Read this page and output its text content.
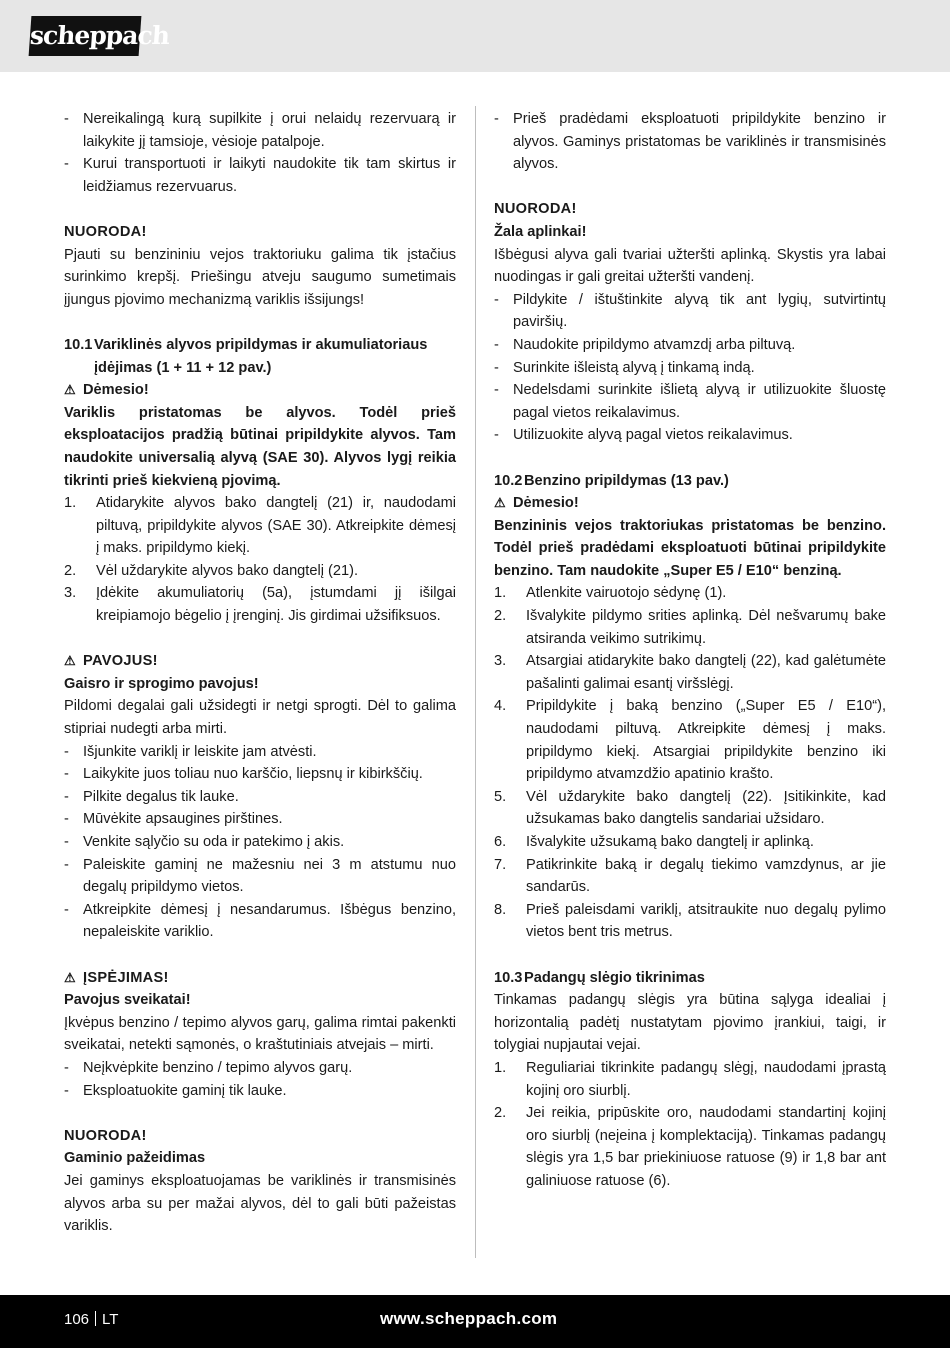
scheppach
- Nereikalingą kurą supilkite į orui nelaidų rezervuarą ir laikykite jį tamsioje, vėsioje patalpoje.
- Kurui transportuoti ir laikyti naudokite tik tam skirtus ir leidžiamus rezervuarus.
NUORODA!
Pjauti su benzininiu vejos traktoriuku galima tik įstačius surinkimo krepšį. Priešingu atveju saugumo sumetimais įjungus pjovimo mechanizmą variklis išsijungs!
10.1 Variklinės alyvos pripildymas ir akumuliatoriaus įdėjimas (1 + 11 + 12 pav.)
⚠ Dėmesio!
Variklis pristatomas be alyvos. Todėl prieš eksploatacijos pradžią būtinai pripildykite alyvos. Tam naudokite universalią alyvą (SAE 30). Alyvos lygį reikia tikrinti prieš kiekvieną pjovimą.
1. Atidarykite alyvos bako dangtelį (21) ir, naudodami piltuvą, pripildykite alyvos (SAE 30). Atkreipkite dėmesį į maks. pripildymo kiekį.
2. Vėl uždarykite alyvos bako dangtelį (21).
3. Įdėkite akumuliatorių (5a), įstumdami jį išilgai kreipiamojo bėgelio į įrenginį. Jis girdimai užsifiksuos.
⚠ PAVOJUS!
Gaisro ir sprogimo pavojus!
Pildomi degalai gali užsidegti ir netgi sprogti. Dėl to galima stipriai nudegti arba mirti.
- Išjunkite variklį ir leiskite jam atvėsti.
- Laikykite juos toliau nuo karščio, liepsnų ir kibirkščių.
- Pilkite degalus tik lauke.
- Mūvėkite apsaugines pirštines.
- Venkite sąlyčio su oda ir patekimo į akis.
- Paleiskite gaminį ne mažesniu nei 3 m atstumu nuo degalų pripildymo vietos.
- Atkreipkite dėmesį į nesandarumus. Išbėgus benzino, nepaleiskite variklio.
⚠ ĮSPĖJIMAS!
Pavojus sveikatai!
Įkvėpus benzino / tepimo alyvos garų, galima rimtai pakenkti sveikatai, netekti sąmonės, o kraštutiniais atvejais – mirti.
- Neįkvėpkite benzino / tepimo alyvos garų.
- Eksploatuokite gaminį tik lauke.
NUORODA!
Gaminio pažeidimas
Jei gaminys eksploatuojamas be variklinės ir transmisinės alyvos arba su per mažai alyvos, dėl to gali būti pažeistas variklis.
- Prieš pradėdami eksploatuoti pripildykite benzino ir alyvos. Gaminys pristatomas be variklinės ir transmisinės alyvos.
NUORODA!
Žala aplinkai!
Išbėgusi alyva gali tvariai užteršti aplinką. Skystis yra labai nuodingas ir gali greitai užteršti vandenį.
- Pildykite / ištuštinkite alyvą tik ant lygių, sutvirtintų paviršių.
- Naudokite pripildymo atvamzdį arba piltuvą.
- Surinkite išleistą alyvą į tinkamą indą.
- Nedelsdami surinkite išlietą alyvą ir utilizuokite šluostę pagal vietos reikalavimus.
- Utilizuokite alyvą pagal vietos reikalavimus.
10.2 Benzino pripildymas (13 pav.)
⚠ Dėmesio!
Benzininis vejos traktoriukas pristatomas be benzino. Todėl prieš pradėdami eksploatuoti būtinai pripildykite benzino. Tam naudokite „Super E5 / E10“ benziną.
1. Atlenkite vairuotojo sėdynę (1).
2. Išvalykite pildymo srities aplinką. Dėl nešvarumų bake atsiranda veikimo sutrikimų.
3. Atsargiai atidarykite bako dangtelį (22), kad galėtumėte pašalinti galimai esantį viršslėgį.
4. Pripildykite į baką benzino („Super E5 / E10“), naudodami piltuvą. Atkreipkite dėmesį į maks. pripildymo kiekį. Atsargiai pripildykite benzino iki pripildymo atvamzdžio apatinio krašto.
5. Vėl uždarykite bako dangtelį (22). Įsitikinkite, kad užsukamas bako dangtelis sandariai užsidaro.
6. Išvalykite užsukamą bako dangtelį ir aplinką.
7. Patikrinkite baką ir degalų tiekimo vamzdynus, ar jie sandarūs.
8. Prieš paleisdami variklį, atsitraukite nuo degalų pylimo vietos bent tris metrus.
10.3 Padangų slėgio tikrinimas
Tinkamas padangų slėgis yra būtina sąlyga idealiai į horizontalią padėtį nustatytam pjovimo įrankiui, taigi, ir tolygiai nupjautai vejai.
1. Reguliariai tikrinkite padangų slėgį, naudodami įprastą kojinį oro siurblį.
2. Jei reikia, pripūskite oro, naudodami standartinį kojinį oro siurblį (neįeina į komplektaciją). Tinkamas padangų slėgis yra 1,5 bar priekiniuose ratuose (9) ir 1,8 bar ant galiniuose ratuose (6).
106 LT	www.scheppach.com
